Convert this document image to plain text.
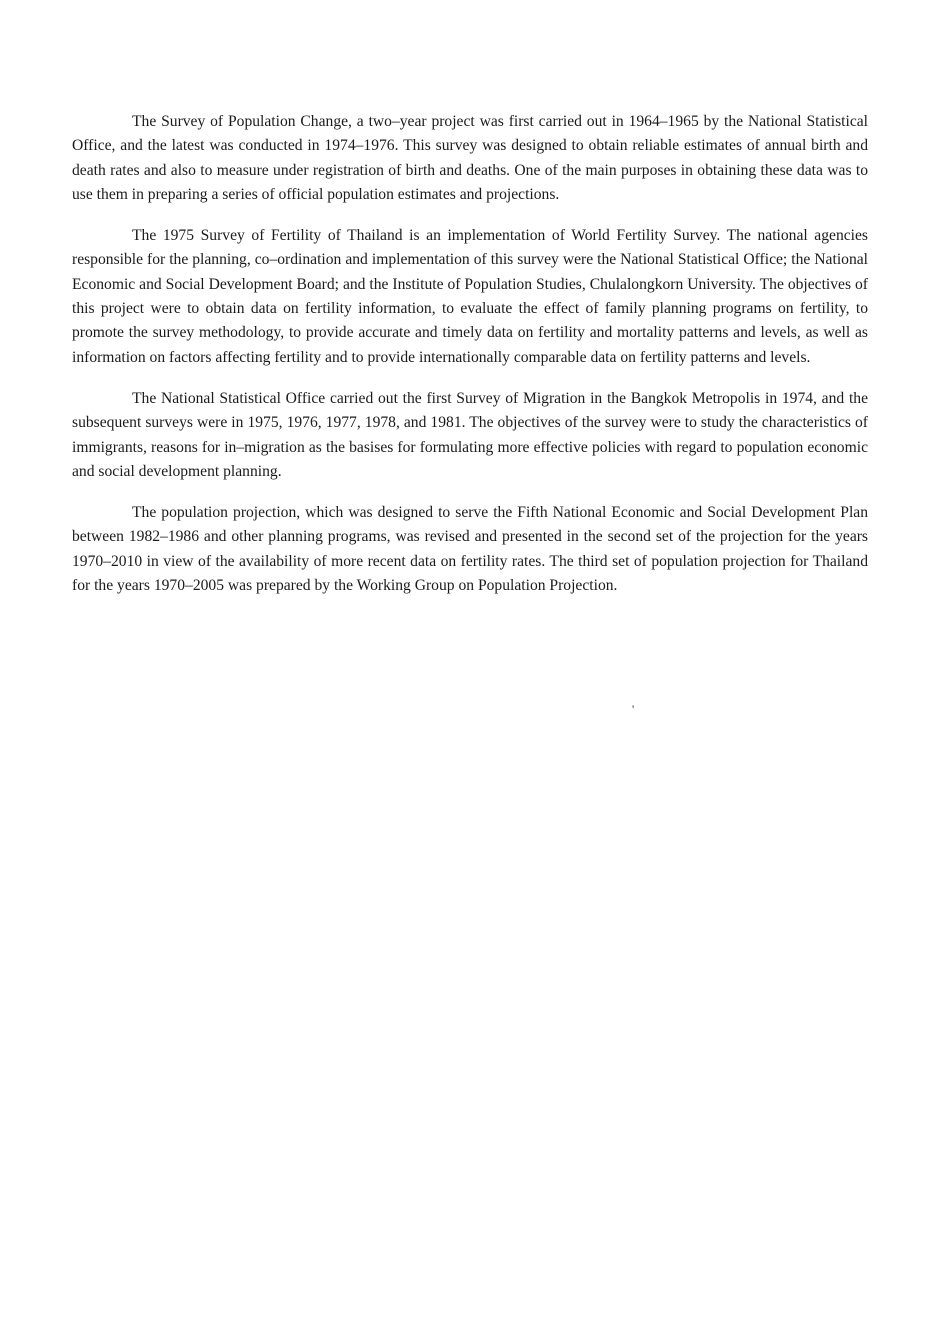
The Survey of Population Change, a two–year project was first carried out in 1964–1965 by the National Statistical Office, and the latest was conducted in 1974–1976. This survey was designed to obtain reliable estimates of annual birth and death rates and also to measure under registration of birth and deaths. One of the main purposes in obtaining these data was to use them in preparing a series of official population estimates and projections.

The 1975 Survey of Fertility of Thailand is an implementation of World Fertility Survey. The national agencies responsible for the planning, co–ordination and implementation of this survey were the National Statistical Office; the National Economic and Social Development Board; and the Institute of Population Studies, Chulalongkorn University. The objectives of this project were to obtain data on fertility information, to evaluate the effect of family planning programs on fertility, to promote the survey methodology, to provide accurate and timely data on fertility and mortality patterns and levels, as well as information on factors affecting fertility and to provide internationally comparable data on fertility patterns and levels.

The National Statistical Office carried out the first Survey of Migration in the Bangkok Metropolis in 1974, and the subsequent surveys were in 1975, 1976, 1977, 1978, and 1981. The objectives of the survey were to study the characteristics of immigrants, reasons for in–migration as the basises for formulating more effective policies with regard to population economic and social development planning.

The population projection, which was designed to serve the Fifth National Economic and Social Development Plan between 1982–1986 and other planning programs, was revised and presented in the second set of the projection for the years 1970–2010 in view of the availability of more recent data on fertility rates. The third set of population projection for Thailand for the years 1970–2005 was prepared by the Working Group on Population Projection.

'
